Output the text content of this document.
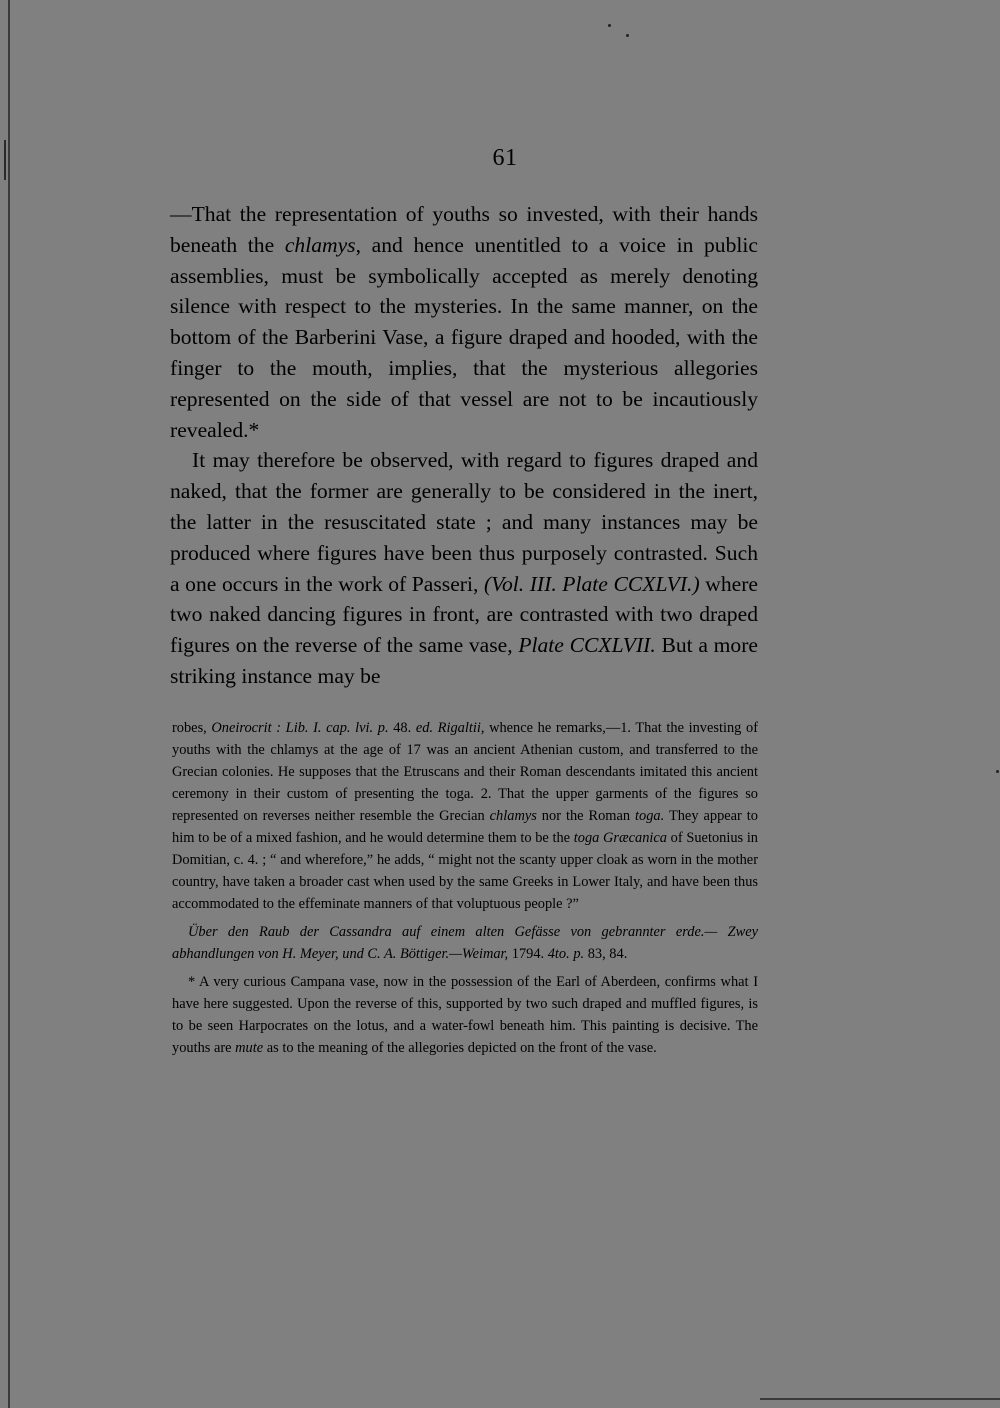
61

—That the representation of youths so invested, with their hands beneath the chlamys, and hence unentitled to a voice in public assemblies, must be symbolically accepted as merely denoting silence with respect to the mysteries. In the same manner, on the bottom of the Barberini Vase, a figure draped and hooded, with the finger to the mouth, implies, that the mysterious allegories represented on the side of that vessel are not to be incautiously revealed.*

It may therefore be observed, with regard to figures draped and naked, that the former are generally to be considered in the inert, the latter in the resuscitated state ; and many instances may be produced where figures have been thus purposely contrasted. Such a one occurs in the work of Passeri, (Vol. III. Plate CCXLVI.) where two naked dancing figures in front, are contrasted with two draped figures on the reverse of the same vase, Plate CCXLVII. But a more striking instance may be

robes, Oneirocrit : Lib. I. cap. lvi. p. 48. ed. Rigaltii, whence he remarks,—1. That the investing of youths with the chlamys at the age of 17 was an ancient Athenian custom, and transferred to the Grecian colonies. He supposes that the Etruscans and their Roman descendants imitated this ancient ceremony in their custom of presenting the toga. 2. That the upper garments of the figures so represented on reverses neither resemble the Grecian chlamys nor the Roman toga. They appear to him to be of a mixed fashion, and he would determine them to be the toga Græcanica of Suetonius in Domitian, c. 4. ; “ and wherefore,” he adds, “ might not the scanty upper cloak as worn in the mother country, have taken a broader cast when used by the same Greeks in Lower Italy, and have been thus accommodated to the effeminate manners of that voluptuous people ?”

Über den Raub der Cassandra auf einem alten Gefässe von gebrannter erde.— Zwey abhandlungen von H. Meyer, und C. A. Böttiger.—Weimar, 1794. 4to. p. 83, 84.

* A very curious Campana vase, now in the possession of the Earl of Aberdeen, confirms what I have here suggested. Upon the reverse of this, supported by two such draped and muffled figures, is to be seen Harpocrates on the lotus, and a water-fowl beneath him. This painting is decisive. The youths are mute as to the meaning of the allegories depicted on the front of the vase.
